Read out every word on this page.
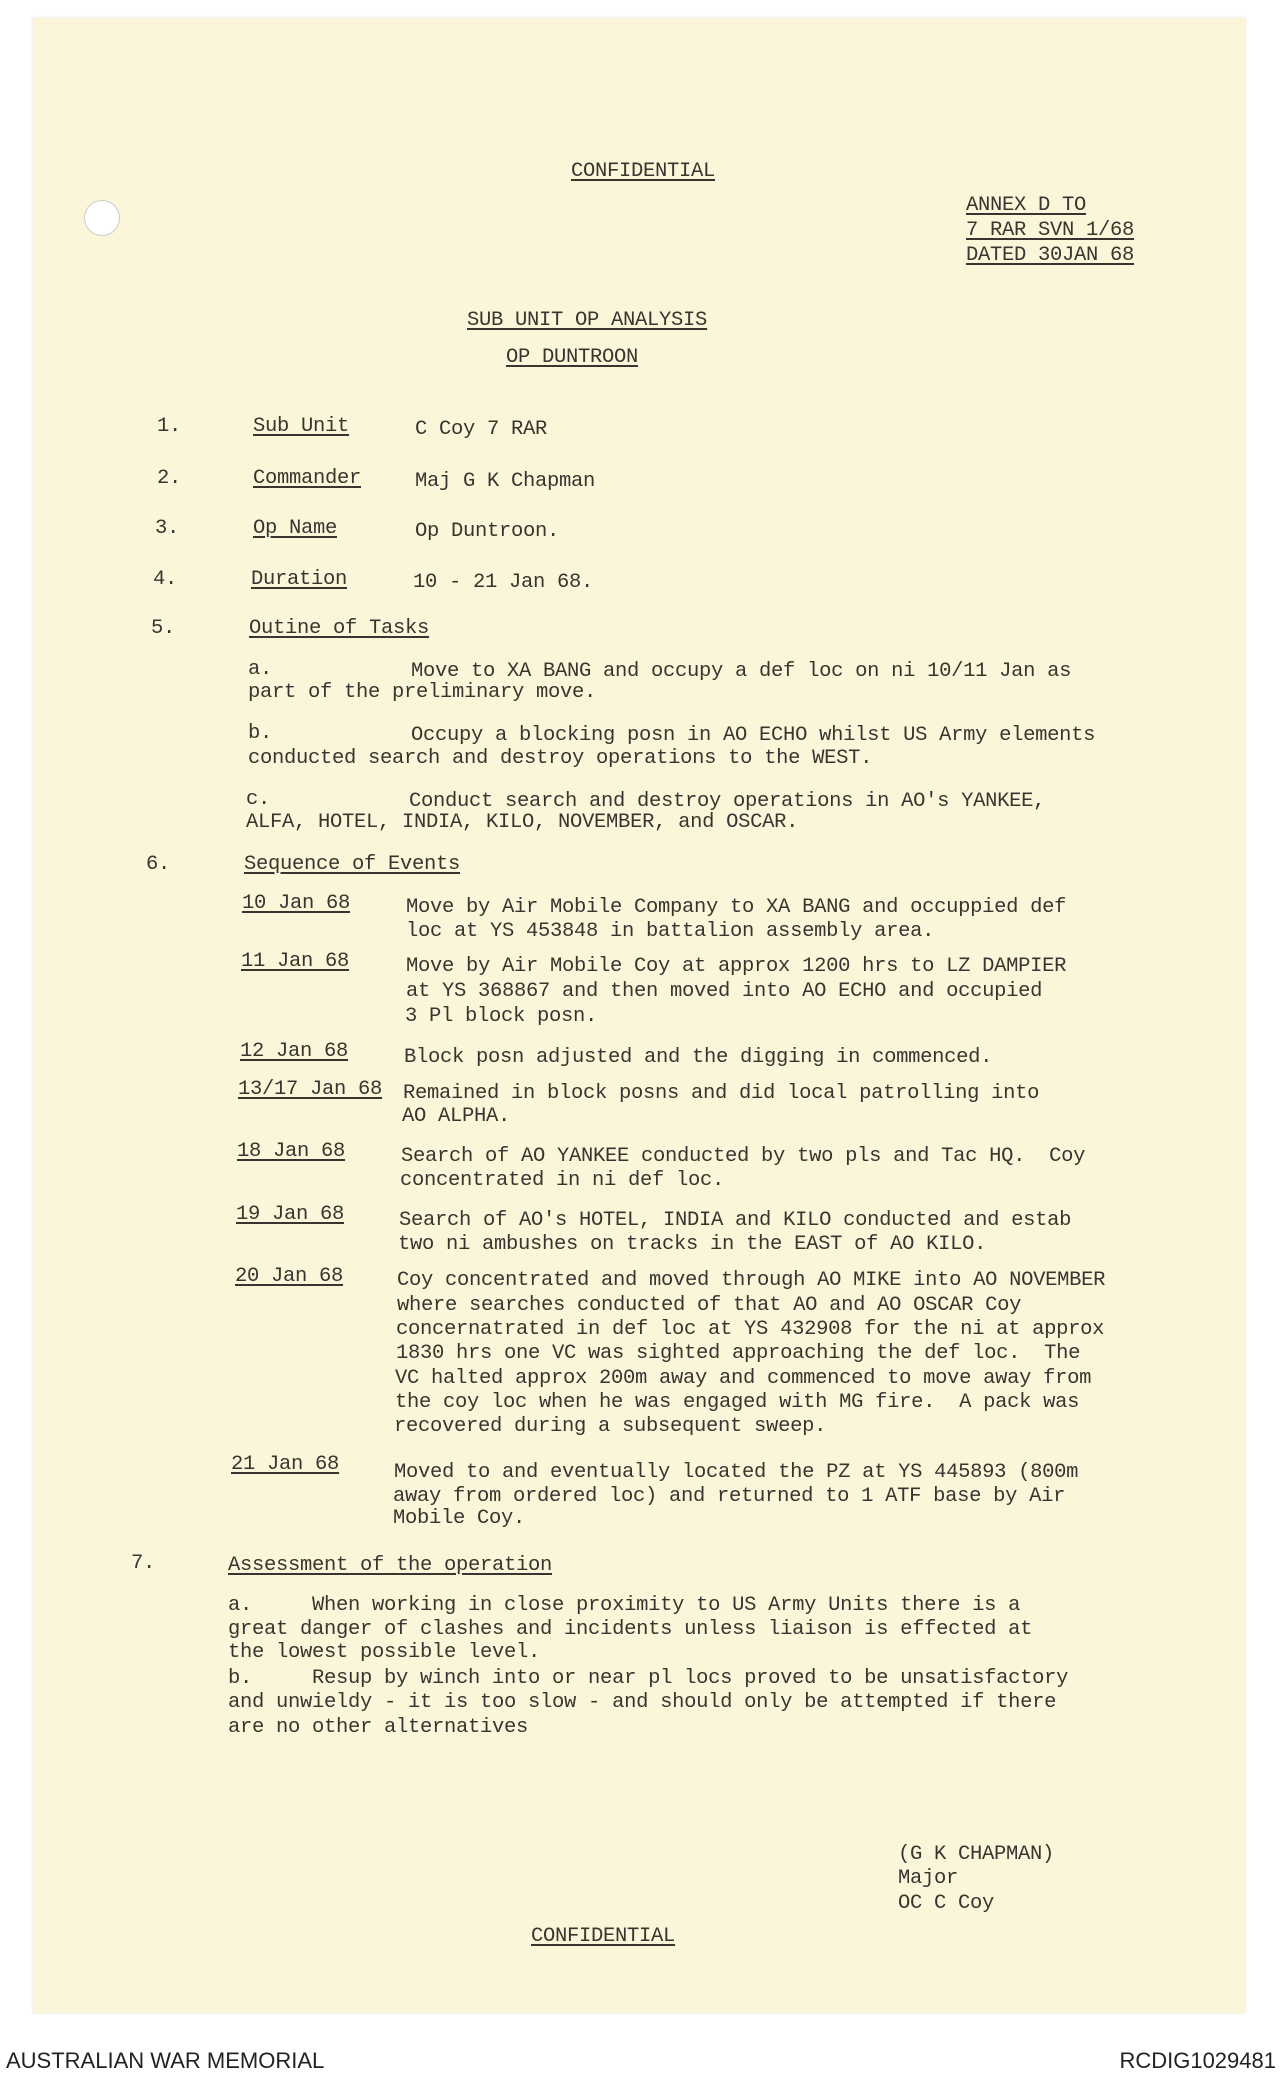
CONFIDENTIAL
ANNEX D TO
7 RAR SVN 1/68
DATED 30JAN 68
SUB UNIT OP ANALYSIS
OP DUNTROON
1.	Sub Unit	C Coy 7 RAR
2.	Commander	Maj G K Chapman
3.	Op Name	Op Duntroon.
4.	Duration	10 - 21 Jan 68.
5.	Outine of Tasks
a.	Move to XA BANG and occupy a def loc on ni 10/11 Jan as
part of the preliminary move.
b.	Occupy a blocking posn in AO ECHO whilst US Army elements
conducted search and destroy operations to the WEST.
c.	Conduct search and destroy operations in AO's YANKEE,
ALFA, HOTEL, INDIA, KILO, NOVEMBER, and OSCAR.
6.	Sequence of Events
10 Jan 68	Move by Air Mobile Company to XA BANG and occuppied def
loc at YS 453848 in battalion assembly area.
11 Jan 68	Move by Air Mobile Coy at approx 1200 hrs to LZ DAMPIER
at YS 368867 and then moved into AO ECHO and occupied
3 Pl block posn.
12 Jan 68	Block posn adjusted and the digging in commenced.
13/17 Jan 68 Remained in block posns and did local patrolling into
AO ALPHA.
18 Jan 68	Search of AO YANKEE conducted by two pls and Tac HQ.  Coy
concentrated in ni def loc.
19 Jan 68	Search of AO's HOTEL, INDIA and KILO conducted and estab
two ni ambushes on tracks in the EAST of AO KILO.
20 Jan 68	Coy concentrated and moved through AO MIKE into AO NOVEMBER
where searches conducted of that AO and AO OSCAR Coy
concernatrated in def loc at YS 432908 for the ni at approx
1830 hrs one VC was sighted approaching the def loc.  The
VC halted approx 200m away and commenced to move away from
the coy loc when he was engaged with MG fire.  A pack was
recovered during a subsequent sweep.
21 Jan 68	Moved to and eventually located the PZ at YS 445893 (800m
away from ordered loc) and returned to 1 ATF base by Air
Mobile Coy.
7.	Assessment of the operation
a.     When working in close proximity to US Army Units there is a
great danger of clashes and incidents unless liaison is effected at
the lowest possible level.
b.     Resup by winch into or near pl locs proved to be unsatisfactory
and unwieldy - it is too slow - and should only be attempted if there
are no other alternatives
(G K CHAPMAN)
Major
OC C Coy
CONFIDENTIAL
AUSTRALIAN WAR MEMORIAL	RCDIG1029481
